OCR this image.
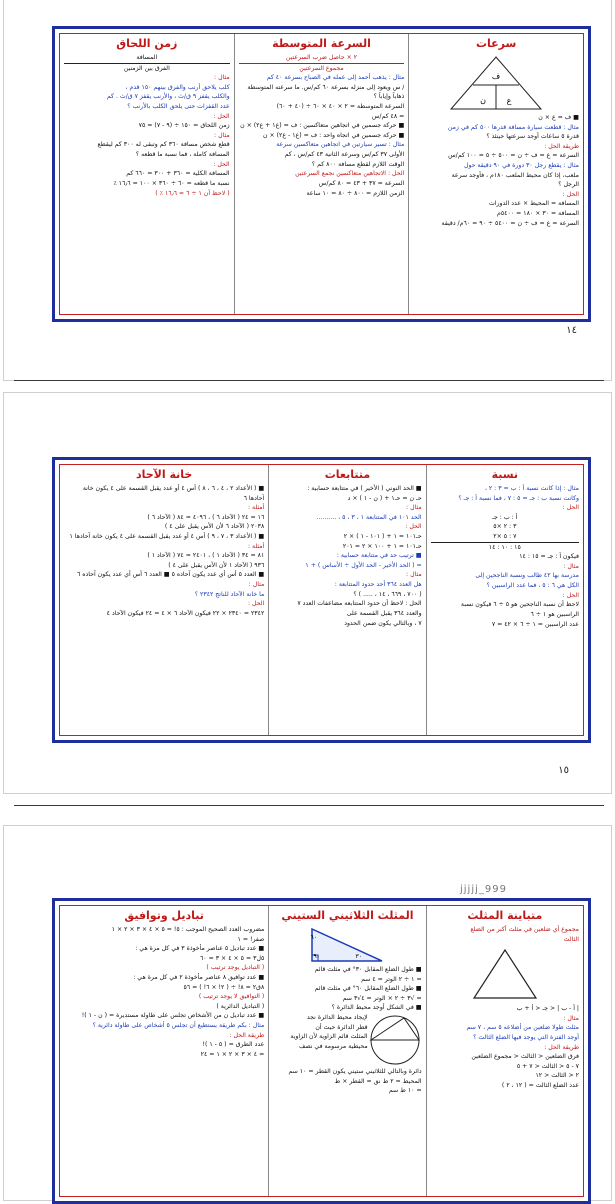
سرعات
ف
ن	ع
■ ف = ع × ن
مثال : قطعت سيارة مسافة قدرها ٥٠٠ كم في زمن
قدرة ٥ ساعات أوجد سرعتها حينئذ ؟
طريقة الحل :
السرعة = ع = ف ÷ ن = ٥٠٠ ÷ ٥ = ١٠٠ كم/س
مثال : يقطع رجل ٣٠ دورة في ٩٠ دقيقة حول
ملعب، إذا كان محيط الملعب ١٨٠م ، فأوجد سرعة
الرجل ؟
الحل :
المسافة = المحيط × عدد الدورات
المسافة = ٣٠ × ١٨٠ = ٥٤٠٠م
السرعة = ع = ف ÷ ن = ٥٤٠٠ ÷ ٩٠ = ٦٠م/ دقيقة
السرعة المتوسطة
٢ × حاصل ضرب السرعتين
مجموع السرعتين
مثال : يذهب أحمد إلى عمله في الصباح بسرعة ٤٠ كم
/ س ويعود إلى منزله بسرعة ٦٠ كم/س. ما سرعته المتوسطة
ذهاباً وإياباً ؟
السرعة المتوسطة = ٢ × ٤٠ × ٦٠ ÷ (٤٠ + ٦٠)
= ٤٨ كم/س
■ حركة جسمين في اتجاهين متعاكسين : ف = (ع١ + ع٢) × ن
■ حركة جسمين في اتجاه واحد : ف = (ع١ - ع٢) × ن
مثال : تسير سيارتين في اتجاهين متعاكسين سرعة
الأولى ٣٧ كم/س وسرعة الثانية ٤٣ كم/س ، كم
الوقت اللازم لقطع مسافة ٨٠٠ كم ؟
الحل : الاتجاهين متعاكسين نجمع السرعتين
السرعة = ٣٧ + ٤٣ = ٨٠ كم/س
الزمن اللازم = ٨٠٠ ÷ ٨٠ = ١٠ ساعة
زمن اللحاق
المسافة
الفرق بين الزمنين
مثال :
كلب يلاحق أرنب والفرق بينهم ١٥٠ قدم ،
والكلب يقفز ٩ ق/ث ، والأرنب يقفز ٧ ق/ث . كم
عدد القفزات حتى يلحق الكلب بالأرنب ؟
الحل :
زمن اللحاق = ١٥٠ ÷ (٩ - ٧) = ٧٥
مثال :
قطع شخص مسافة ٣٦٠ كم وتبقى له ٣٠٠ كم ليقطع
المسافة كاملة ، فما نسبة ما قطعه ؟
الحل :
المسافة الكلية = ٣٦٠ + ٣٠٠ = ٦٦٠ كم
نسبة ما قطعه = ٦٠ ÷ ٣٦٠ × ١٠٠ = ١٦٫٦ ٪
( لاحظ أن ١ ÷ ٦ = ١٦٫٦ ٪ )
١٤
نسبة
مثال : إذا كانت نسبة أ : ب = ٣ : ٢ ،
وكانت نسبة ب : جـ = ٥ : ٧ ، فما نسبة أ : جـ ؟
الحل :
أ : ب : جـ
٣ : ٢ ×٥
٧ : ٥ ×٢
١٥ : ١٠ : ١٤
فيكون أ : جـ = ١٥ : ١٤
مثال :
مدرسة بها ٤٢ طالب ونسبة الناجحين إلى
الكل هي ٦ : ٥ ، فما عدد الراسبين ؟
الحل :
لاحظ أن نسبة الناجحين هو ٥ ÷ ٦ فيكون نسبة
الراسبين هو ١ ÷ ٦
عدد الراسبين = ١ ÷ ٦ × ٤٢ = ٧
متتابعات
■ الحد النوني ( الأخير ) في متتابعة حسابية :
حـ ن = حـ١ + ( ن - ١ ) × د
مثال :
الحد ١٠١ في المتتابعة ١ ، ٣ ، ٥ ، ..........
الحل :
حـ١٠١ = ١ + ( ١٠١ - ١ ) × ٢
حـ١٠١ = ١ + ١٠٠ × ٢ = ٢٠١
■ ترتيب حد في متتابعة حسابية :
= ( الحد الأخير - الحد الأول ÷ الأساس ) + ١
مثال :
هل العدد ٣٦٤ أحد حدود المتتابعة :
( ٧٠٠ ، ٦٦٩ ، ١٤ ، ..... ) ؟
الحل : لاحظ أن حدود المتتابعة مضاعفات العدد ٧
والعدد ٣٦٤ يقبل القسمة على
٧ ، وبالتالي يكون ضمن الحدود
خانة الآحاد
■ ( الأعداد ٢ ، ٤ ، ٦ ، ٨ ) أس ٤ أو عدد يقبل القسمة على ٤ يكون خانة
آحادها ٦
أمثلة :
١٦ = ٢٤ ( الآحاد ٦ ) ، ٤٠٩٦ = ٨٤ ( الآحاد ٦ )
٢٠٣٨ ( الآحاد ٦ لأن الأس يقبل على ٤ )
■ ( الأعداد ٣ ، ٧ ، ٩ ) أس ٤ أو عدد يقبل القسمة على ٤ يكون خانة آحادها ١
أمثلة :
٨١ = ٣٤ ( الآحاد ١ ) ، ٢٤٠١ = ٧٤ ( الآحاد ١ )
٩٣٦ ( الآحاد ١ لأن الأس يقبل على ٤ )
■ العدد ٥ أس أي عدد يكون آحاده ٥ ■ العدد ٦ أس أي عدد يكون آحاده ٦
مثال :
ما خانة الآحاد للناتج ٢٣٤٢ ؟
الحل :
٢٣٤٢ = ٢٣٤٠ × ٢٢ فيكون الآحاد ٦ × ٤ = ٢٤ فيكون الآحاد ٤
١٥
jjjjj_999
متباينة المثلث
مجموع أي ضلعين في مثلث أكبر من الضلع
الثالث
| أ - ب | < جـ < أ + ب
مثال :
مثلث طولا ضلعين من أضلاعه ٥ سم ، ٧ سم
أوجد الفترة التي يوجد فيها الضلع الثالث ؟
طريقة الحل :
فرق الضلعين < الثالث < مجموع الضلعين
٧ - ٥ < الثالث < ٧ + ٥
٢ < الثالث < ١٢
عدد الضلع الثالث = ( ١٢ ، ٢ )
المثلث الثلاثيني الستيني
٦٠
٣٠
٩٠
■ طول الضلع المقابل ٣٠° في مثلث قائم
= ١ ÷ ٢ الوتر = ٤ سم
■ طول الضلع المقابل ٦٠° في مثلث قائم
= √٣ ÷ ٢ × الوتر = ٤√٣ سم
■ في الشكل أوجد محيط الدائرة ؟
لإيجاد محيط الدائرة نجد
قطر الدائرة حيث أن
المثلث قائم الزاوية لأن الزاوية
محيطية مرسومة في نصف
دائرة وبالتالي للثلاثيني ستيني يكون القطر = ١٠ سم
المحيط = ٢ ط نق = القطر × ط
= ١٠ ط سم
تباديل وتوافيق
مضروب العدد الصحيح الموجب : ٥! = ٥ × ٤ × ٣ × ٢ × ١
صفر! = ١
■ عدد تباديل ٥ عناصر مأخوذة ٣ في كل مرة هي :
٥ل٣ = ٥ × ٤ × ٣ = ٦٠
( التباديل يوجد ترتيب )
■ عدد توافيق ٨ عناصر مأخوذة ٢ في كل مرة هي :
٨ق٢ = ٨! ÷ ( ٢! × ٦! ) = ٥٦
( التوافيق لا يوجد ترتيب )
( التباديل الدائرية )
■ عدد تباديل ن من الأشخاص تجلس على طاولة مستديرة = ( ن - ١ )!
مثال : بكم طريقة يستطيع أن تجلس ٥ أشخاص على طاولة دائرية ؟
طريقة الحل :
عدد الطرق = ( ٥ - ١ )!
= ٤ × ٣ × ٢ × ١ = ٢٤
